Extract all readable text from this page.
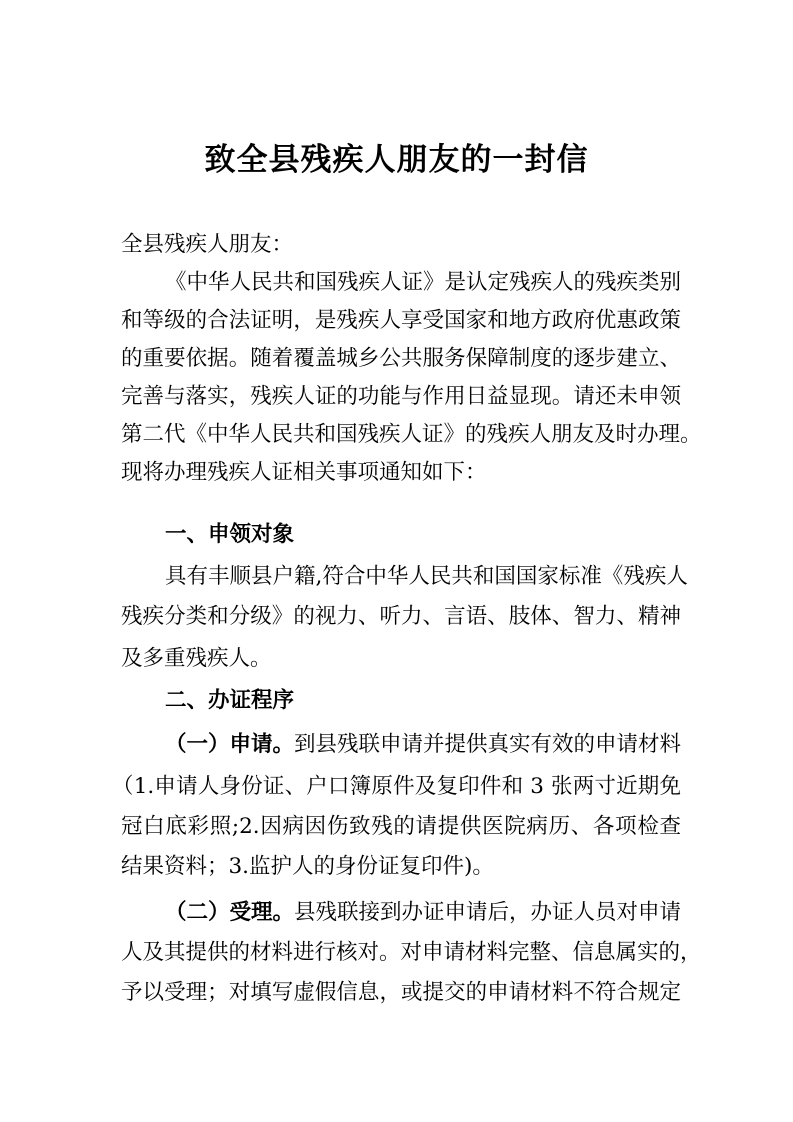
致全县残疾人朋友的一封信
全县残疾人朋友：
《中华人民共和国残疾人证》是认定残疾人的残疾类别
和等级的合法证明，是残疾人享受国家和地方政府优惠政策
的重要依据。随着覆盖城乡公共服务保障制度的逐步建立、
完善与落实，残疾人证的功能与作用日益显现。请还未申领
第二代《中华人民共和国残疾人证》的残疾人朋友及时办理。
现将办理残疾人证相关事项通知如下：
一、申领对象
具有丰顺县户籍,符合中华人民共和国国家标准《残疾人
残疾分类和分级》的视力、听力、言语、肢体、智力、精神
及多重残疾人。
二、办证程序
（一）申请。到县残联申请并提供真实有效的申请材料
（1.申请人身份证、户口簿原件及复印件和 3 张两寸近期免
冠白底彩照;2.因病因伤致残的请提供医院病历、各项检查
结果资料；3.监护人的身份证复印件)。
（二）受理。县残联接到办证申请后，办证人员对申请
人及其提供的材料进行核对。对申请材料完整、信息属实的，
予以受理；对填写虚假信息，或提交的申请材料不符合规定
